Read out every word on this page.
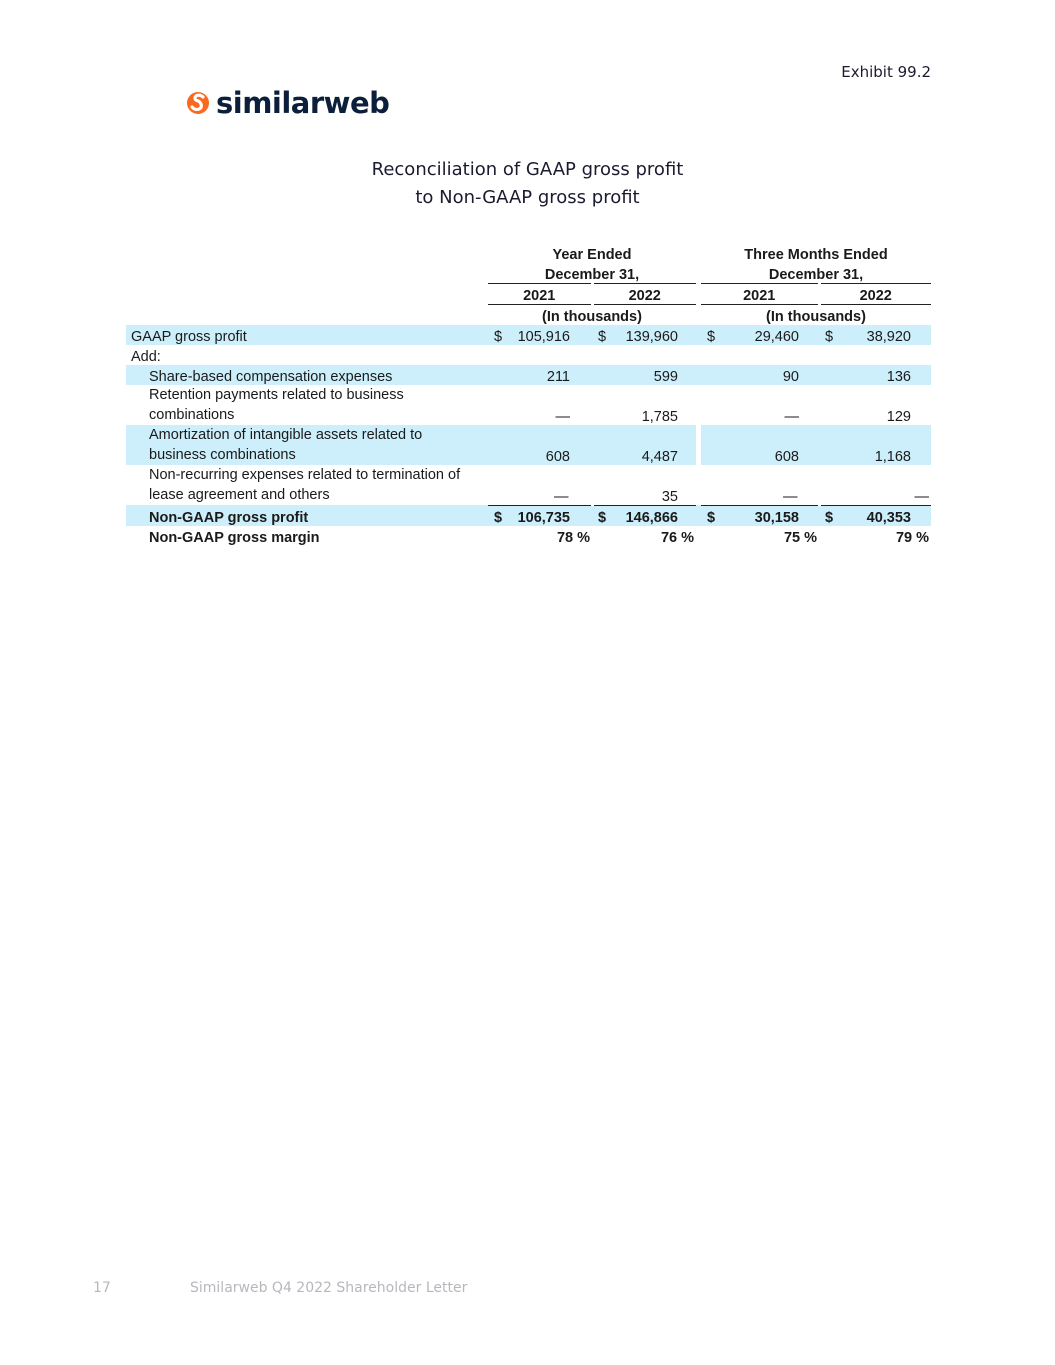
Exhibit 99.2
similarweb
Reconciliation of GAAP gross profit
to Non-GAAP gross profit
	Year Ended					Three Months Ended			
	December 31,					December 31,			
	2021		2022			2021		2022	
	(In thousands)					(In thousands)			
GAAP gross profit	$	105,916	$	139,960		$	29,460	$	38,920
Add:									
Share-based compensation expenses		211		599			90		136

Retention payments related to business
combinations		—		1,785			—		129

Amortization of intangible assets related to
business combinations		608		4,487			608		1,168

Non-recurring expenses related to termination of
lease agreement and others		—		35			—		—
Non-GAAP gross profit	$	106,735	$	146,866		$	30,158	$	40,353
Non-GAAP gross margin		78 %		76 %			75 %		79 %
17	Similarweb Q4 2022 Shareholder Letter
